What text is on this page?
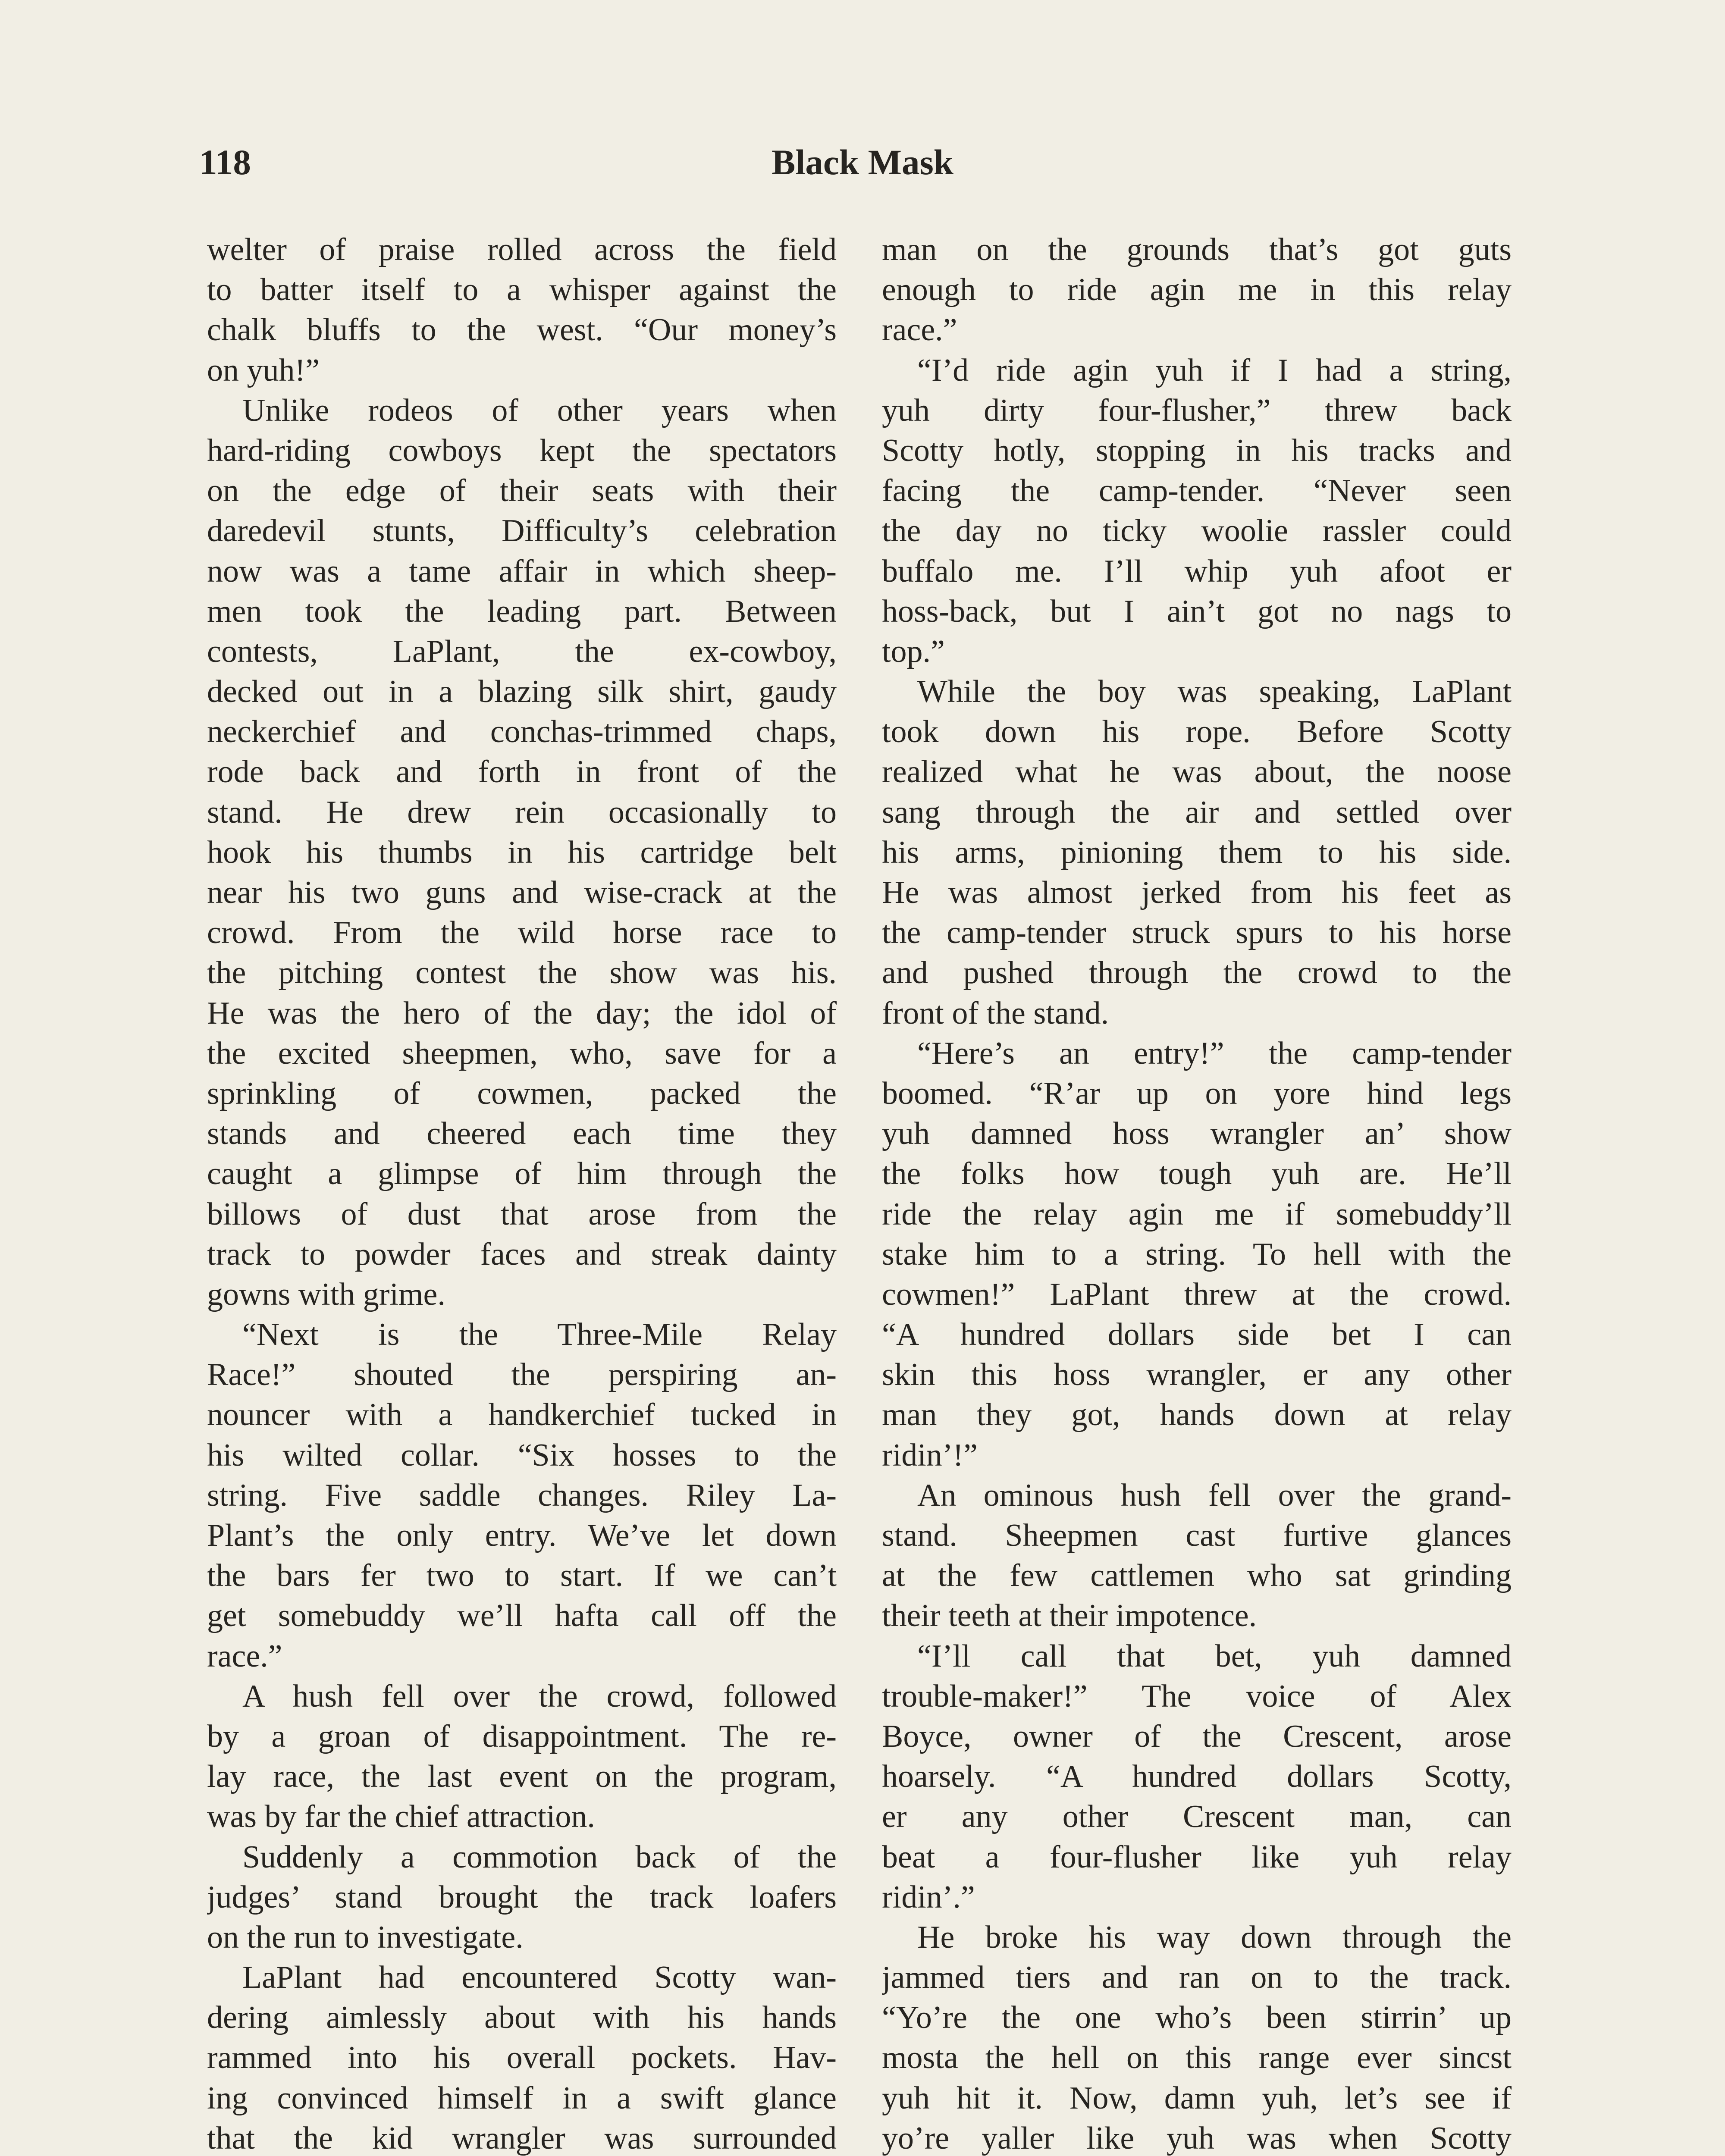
118	Black Mask
welter of praise rolled across the field
to batter itself to a whisper against the
chalk bluffs to the west. “Our money’s
on yuh!”
Unlike rodeos of other years when
hard-riding cowboys kept the spectators
on the edge of their seats with their
daredevil stunts, Difficulty’s celebration
now was a tame affair in which sheep-
men took the leading part. Between
contests, LaPlant, the ex-cowboy,
decked out in a blazing silk shirt, gaudy
neckerchief and conchas-trimmed chaps,
rode back and forth in front of the
stand. He drew rein occasionally to
hook his thumbs in his cartridge belt
near his two guns and wise-crack at the
crowd. From the wild horse race to
the pitching contest the show was his.
He was the hero of the day; the idol of
the excited sheepmen, who, save for a
sprinkling of cowmen, packed the
stands and cheered each time they
caught a glimpse of him through the
billows of dust that arose from the
track to powder faces and streak dainty
gowns with grime.
“Next is the Three-Mile Relay
Race!” shouted the perspiring an-
nouncer with a handkerchief tucked in
his wilted collar. “Six hosses to the
string. Five saddle changes. Riley La-
Plant’s the only entry. We’ve let down
the bars fer two to start. If we can’t
get somebuddy we’ll hafta call off the
race.”
A hush fell over the crowd, followed
by a groan of disappointment. The re-
lay race, the last event on the program,
was by far the chief attraction.
Suddenly a commotion back of the
judges’ stand brought the track loafers
on the run to investigate.
LaPlant had encountered Scotty wan-
dering aimlessly about with his hands
rammed into his overall pockets. Hav-
ing convinced himself in a swift glance
that the kid wrangler was surrounded
man on the grounds that’s got guts
enough to ride agin me in this relay
race.”
“I’d ride agin yuh if I had a string,
yuh dirty four-flusher,” threw back
Scotty hotly, stopping in his tracks and
facing the camp-tender. “Never seen
the day no ticky woolie rassler could
buffalo me. I’ll whip yuh afoot er
hoss-back, but I ain’t got no nags to
top.”
While the boy was speaking, LaPlant
took down his rope. Before Scotty
realized what he was about, the noose
sang through the air and settled over
his arms, pinioning them to his side.
He was almost jerked from his feet as
the camp-tender struck spurs to his horse
and pushed through the crowd to the
front of the stand.
“Here’s an entry!” the camp-tender
boomed. “R’ar up on yore hind legs
yuh damned hoss wrangler an’ show
the folks how tough yuh are. He’ll
ride the relay agin me if somebuddy’ll
stake him to a string. To hell with the
cowmen!” LaPlant threw at the crowd.
“A hundred dollars side bet I can
skin this hoss wrangler, er any other
man they got, hands down at relay
ridin’!”
An ominous hush fell over the grand-
stand. Sheepmen cast furtive glances
at the few cattlemen who sat grinding
their teeth at their impotence.
“I’ll call that bet, yuh damned
trouble-maker!” The voice of Alex
Boyce, owner of the Crescent, arose
hoarsely. “A hundred dollars Scotty,
er any other Crescent man, can
beat a four-flusher like yuh relay
ridin’.”
He broke his way down through the
jammed tiers and ran on to the track.
“Yo’re the one who’s been stirrin’ up
mosta the hell on this range ever sincst
yuh hit it. Now, damn yuh, let’s see if
yo’re yaller like yuh was when Scotty
